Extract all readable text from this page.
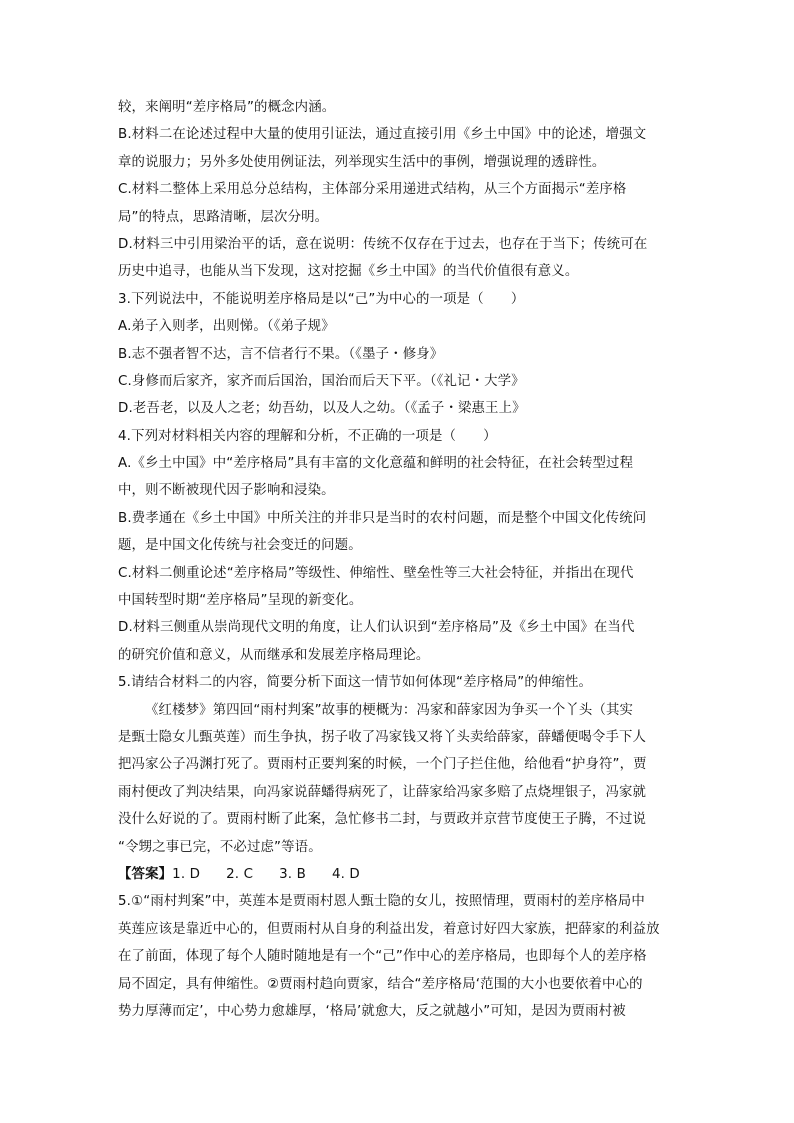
较，来阐明“差序格局”的概念内涵。
B.材料二在论述过程中大量的使用引证法，通过直接引用《乡土中国》中的论述，增强文
章的说服力；另外多处使用例证法，列举现实生活中的事例，增强说理的透辟性。
C.材料二整体上采用总分总结构，主体部分采用递进式结构，从三个方面揭示“差序格
局”的特点，思路清晰，层次分明。
D.材料三中引用梁治平的话，意在说明：传统不仅存在于过去，也存在于当下；传统可在
历史中追寻，也能从当下发现，这对挖掘《乡土中国》的当代价值很有意义。
3.下列说法中，不能说明差序格局是以“己”为中心的一项是（　　）
A.弟子入则孝，出则悌。（《弟子规》
B.志不强者智不达，言不信者行不果。（《墨子・修身》
C.身修而后家齐，家齐而后国治，国治而后天下平。（《礼记・大学》
D.老吾老，以及人之老；幼吾幼，以及人之幼。（《孟子・梁惠王上》
4.下列对材料相关内容的理解和分析，不正确的一项是（　　）
A.《乡土中国》中“差序格局”具有丰富的文化意蕴和鲜明的社会特征，在社会转型过程
中，则不断被现代因子影响和浸染。
B.费孝通在《乡土中国》中所关注的并非只是当时的农村问题，而是整个中国文化传统问
题，是中国文化传统与社会变迁的问题。
C.材料二侧重论述“差序格局”等级性、伸缩性、壁垒性等三大社会特征，并指出在现代
中国转型时期“差序格局”呈现的新变化。
D.材料三侧重从崇尚现代文明的角度，让人们认识到“差序格局”及《乡土中国》在当代
的研究价值和意义，从而继承和发展差序格局理论。
5.请结合材料二的内容，简要分析下面这一情节如何体现“差序格局”的伸缩性。
《红楼梦》第四回“雨村判案”故事的梗概为：冯家和薛家因为争买一个丫头（其实
是甄士隐女儿甄英莲）而生争执，拐子收了冯家钱又将丫头卖给薛家，薛蟠便喝令手下人
把冯家公子冯渊打死了。贾雨村正要判案的时候，一个门子拦住他，给他看“护身符”，贾
雨村便改了判决结果，向冯家说薛蟠得病死了，让薛家给冯家多赔了点烧埋银子，冯家就
没什么好说的了。贾雨村断了此案，急忙修书二封，与贾政并京营节度使王子腾，不过说
“令甥之事已完，不必过虑”等语。
【答案】1. D 2. C 3. B 4. D
5.①“雨村判案”中，英莲本是贾雨村恩人甄士隐的女儿，按照情理，贾雨村的差序格局中
英莲应该是靠近中心的，但贾雨村从自身的利益出发，着意讨好四大家族，把薛家的利益放
在了前面，体现了每个人随时随地是有一个“己”作中心的差序格局，也即每个人的差序格
局不固定，具有伸缩性。②贾雨村趋向贾家，结合“差序格局‘范围的大小也要依着中心的
势力厚薄而定’，中心势力愈雄厚，‘格局’就愈大，反之就越小”可知，是因为贾雨村被
